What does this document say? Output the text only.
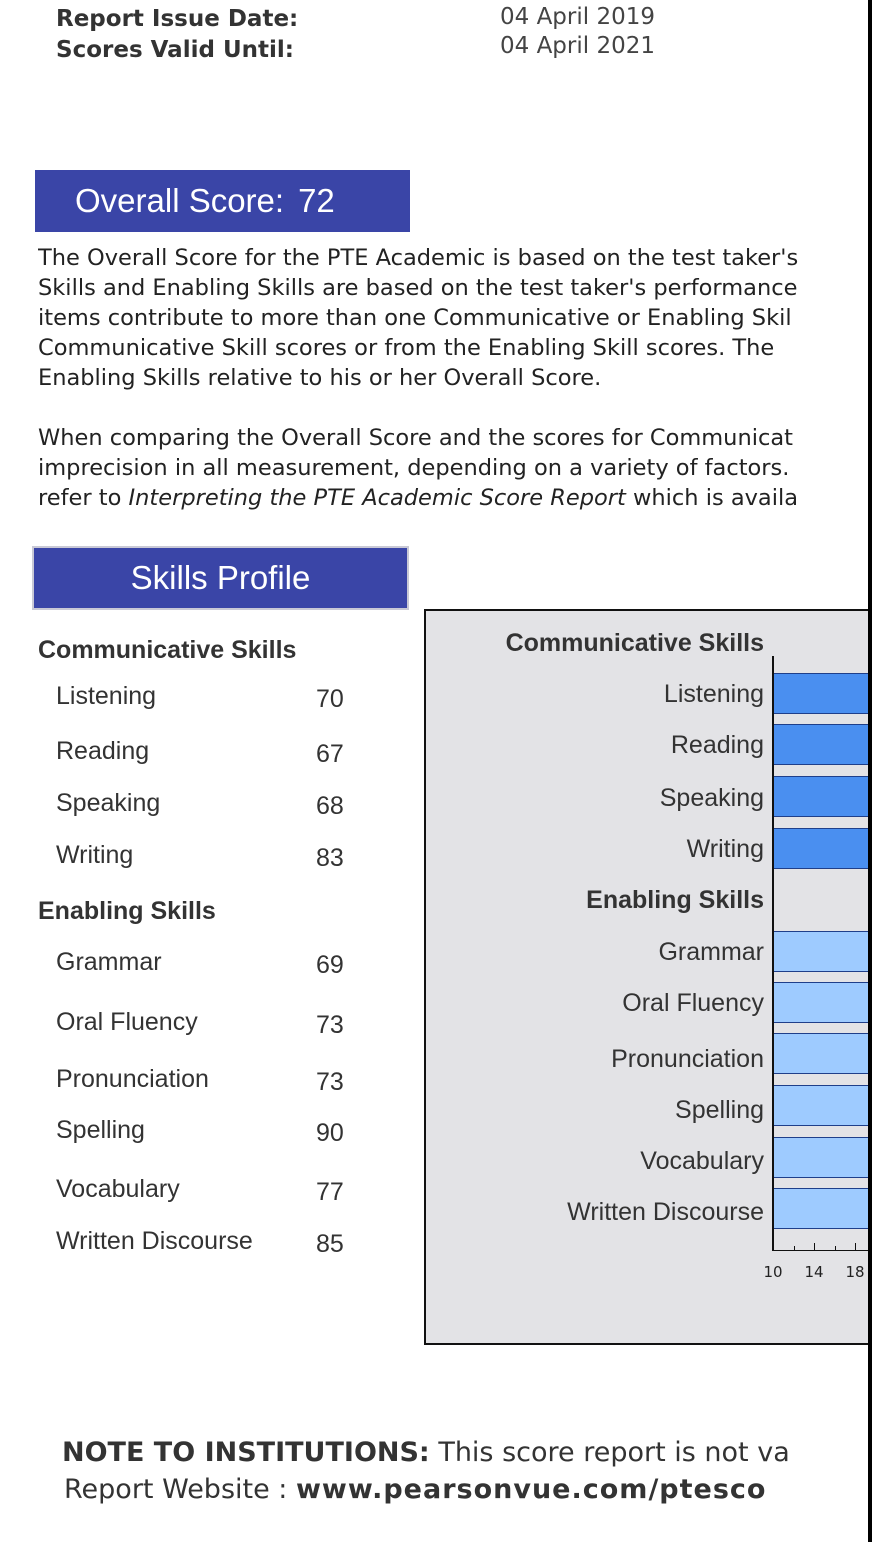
Report Issue Date:	04 April 2019
Scores Valid Until:	04 April 2021
Overall Score: 72
The Overall Score for the PTE Academic is based on the test taker's
Skills and Enabling Skills are based on the test taker's performance
items contribute to more than one Communicative or Enabling Skil
Communicative Skill scores or from the Enabling Skill scores. The
Enabling Skills relative to his or her Overall Score.
When comparing the Overall Score and the scores for Communicat
imprecision in all measurement, depending on a variety of factors.
refer to Interpreting the PTE Academic Score Report which is availa
Skills Profile
Communicative Skills
Listening	70
Reading	67
Speaking	68
Writing	83
Enabling Skills
Grammar	69
Oral Fluency	73
Pronunciation	73
Spelling	90
Vocabulary	77
Written Discourse	85
Communicative Skills
Enabling Skills
Listening
Reading
Speaking
Writing
Grammar
Oral Fluency
Pronunciation
Spelling
Vocabulary
Written Discourse
10 14 18
NOTE TO INSTITUTIONS: This score report is not va
Report Website : www.pearsonvue.com/ptesco
